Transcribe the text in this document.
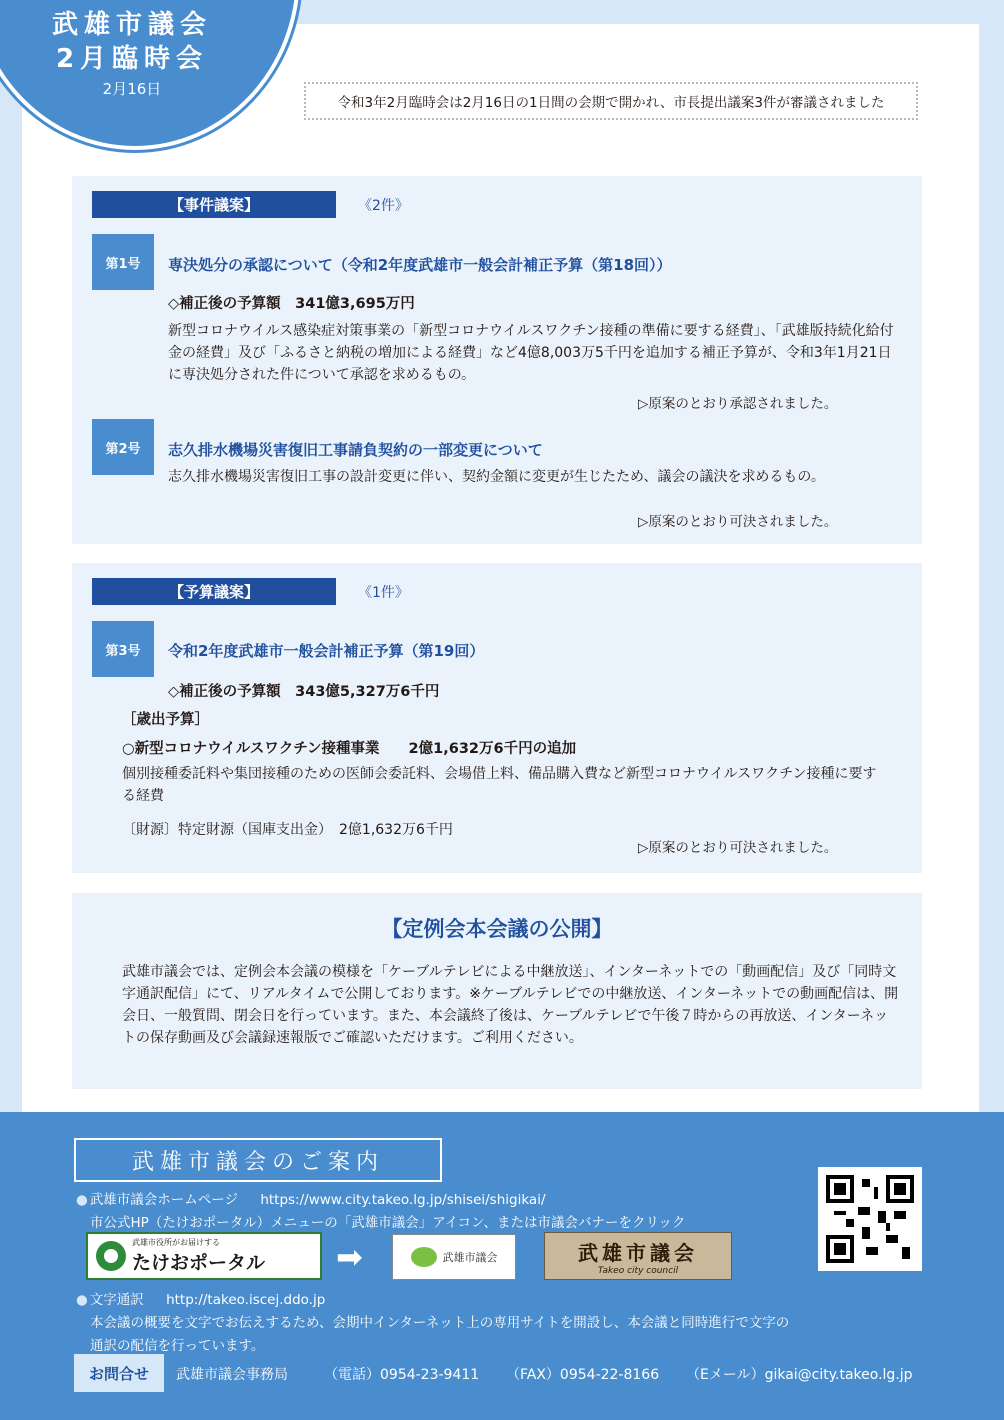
武雄市議会
2月臨時会
2月16日
令和3年2月臨時会は2月16日の1日間の会期で開かれ、市長提出議案3件が審議されました
【事件議案】	《2件》
第1号	専決処分の承認について（令和2年度武雄市一般会計補正予算（第18回））
◇補正後の予算額　341億3,695万円
新型コロナウイルス感染症対策事業の「新型コロナウイルスワクチン接種の準備に要する経費」、「武雄版持続化給付金の経費」及び「ふるさと納税の増加による経費」など4億8,003万5千円を追加する補正予算が、令和3年1月21日に専決処分された件について承認を求めるもの。
▷原案のとおり承認されました。
第2号	志久排水機場災害復旧工事請負契約の一部変更について
志久排水機場災害復旧工事の設計変更に伴い、契約金額に変更が生じたため、議会の議決を求めるもの。
▷原案のとおり可決されました。
【予算議案】	《1件》
第3号	令和2年度武雄市一般会計補正予算（第19回）
◇補正後の予算額　343億5,327万6千円
［歳出予算］
○新型コロナウイルスワクチン接種事業　　2億1,632万6千円の追加
個別接種委託料や集団接種のための医師会委託料、会場借上料、備品購入費など新型コロナウイルスワクチン接種に要する経費
〔財源〕特定財源（国庫支出金）　2億1,632万6千円
▷原案のとおり可決されました。
【定例会本会議の公開】
武雄市議会では、定例会本会議の模様を「ケーブルテレビによる中継放送」、インターネットでの「動画配信」及び「同時文字通訳配信」にて、リアルタイムで公開しております。※ケーブルテレビでの中継放送、インターネットでの動画配信は、開会日、一般質問、閉会日を行っています。また、本会議終了後は、ケーブルテレビで午後７時からの再放送、インターネットの保存動画及び会議録速報版でご確認いただけます。ご利用ください。
武雄市議会のご案内
● 武雄市議会ホームページ https://www.city.takeo.lg.jp/shisei/shigikai/
市公式HP（たけおポータル）メニューの「武雄市議会」アイコン、または市議会バナーをクリック
武雄市役所がお届けする
たけおポータル ➡	武雄市議会	武雄市議会
Takeo city council
● 文字通訳 http://takeo.iscej.ddo.jp
本会議の概要を文字でお伝えするため、会期中インターネット上の専用サイトを開設し、本会議と同時進行で文字の
通訳の配信を行っています。
お問合せ	武雄市議会事務局	（電話）0954-23-9411 （FAX）0954-22-8166 （Eメール）gikai@city.takeo.lg.jp
